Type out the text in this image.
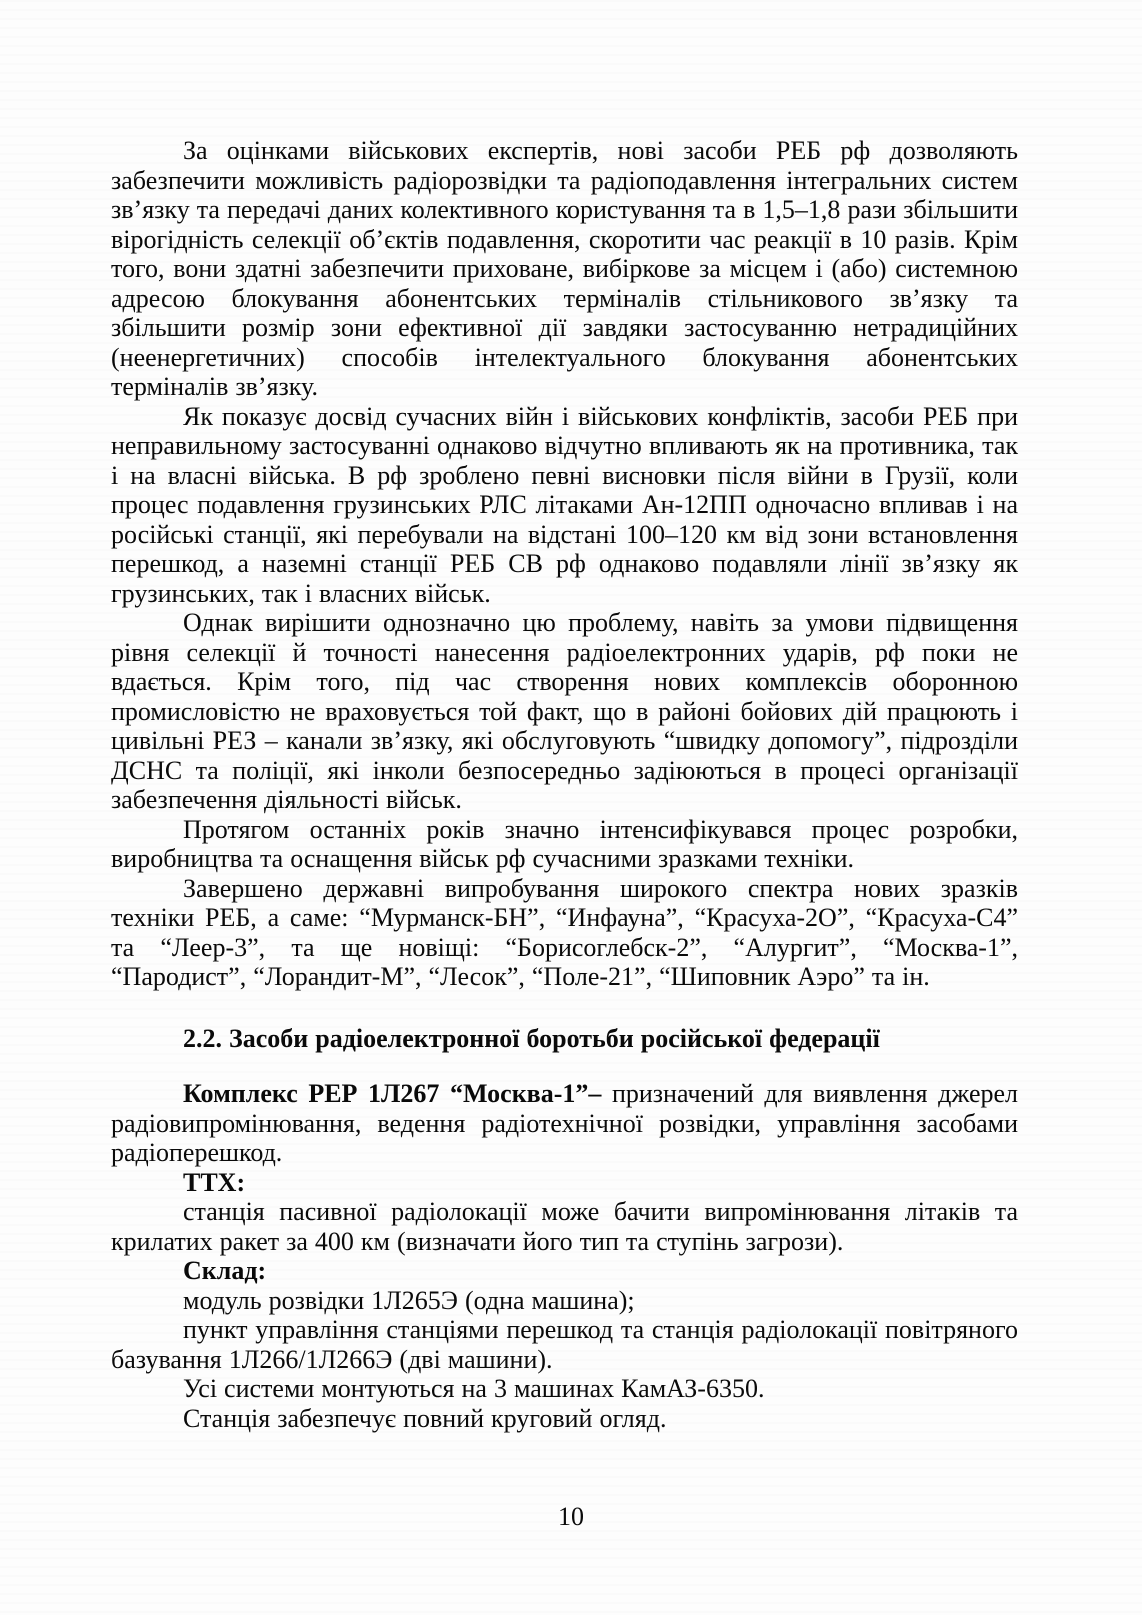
За оцінками військових експертів, нові засоби РЕБ рф дозволяють забезпечити можливість радіорозвідки та радіоподавлення інтегральних систем зв’язку та передачі даних колективного користування та в 1,5–1,8 рази збільшити вірогідність селекції об’єктів подавлення, скоротити час реакції в 10 разів. Крім того, вони здатні забезпечити приховане, вибіркове за місцем і (або) системною адресою блокування абонентських терміналів стільникового зв’язку та збільшити розмір зони ефективної дії завдяки застосуванню нетрадиційних (неенергетичних) способів інтелектуального блокування абонентських терміналів зв’язку.

Як показує досвід сучасних війн і військових конфліктів, засоби РЕБ при неправильному застосуванні однаково відчутно впливають як на противника, так і на власні війська. В рф зроблено певні висновки після війни в Грузії, коли процес подавлення грузинських РЛС літаками Ан-12ПП одночасно впливав і на російські станції, які перебували на відстані 100–120 км від зони встановлення перешкод, а наземні станції РЕБ СВ рф однаково подавляли лінії зв’язку як грузинських, так і власних військ.

Однак вирішити однозначно цю проблему, навіть за умови підвищення рівня селекції й точності нанесення радіоелектронних ударів, рф поки не вдається. Крім того, під час створення нових комплексів оборонною промисловістю не враховується той факт, що в районі бойових дій працюють і цивільні РЕЗ – канали зв’язку, які обслуговують “швидку допомогу”, підрозділи ДСНС та поліції, які інколи безпосередньо задіюються в процесі організації забезпечення діяльності військ.

Протягом останніх років значно інтенсифікувався процес розробки, виробництва та оснащення військ рф сучасними зразками техніки.

Завершено державні випробування широкого спектра нових зразків техніки РЕБ, а саме: “Мурманск-БН”, “Инфауна”, “Красуха-2О”, “Красуха-С4” та “Леер-3”, та ще новіщі: “Борисоглебск-2”, “Алургит”, “Москва-1”, “Пародист”, “Лорандит-М”, “Лесок”, “Поле-21”, “Шиповник Аэро” та ін.

2.2. Засоби радіоелектронної боротьби російської федерації

Комплекс РЕР 1Л267 “Москва-1”– призначений для виявлення джерел радіовипромінювання, ведення радіотехнічної розвідки, управління засобами радіоперешкод.

ТТХ:

станція пасивної радіолокації може бачити випромінювання літаків та крилатих ракет за 400 км (визначати його тип та ступінь загрози).

Склад:

модуль розвідки 1Л265Э (одна машина);

пункт управління станціями перешкод та станція радіолокації повітряного базування 1Л266/1Л266Э (дві машини).

Усі системи монтуються на 3 машинах КамАЗ-6350.

Станція забезпечує повний круговий огляд.

10
